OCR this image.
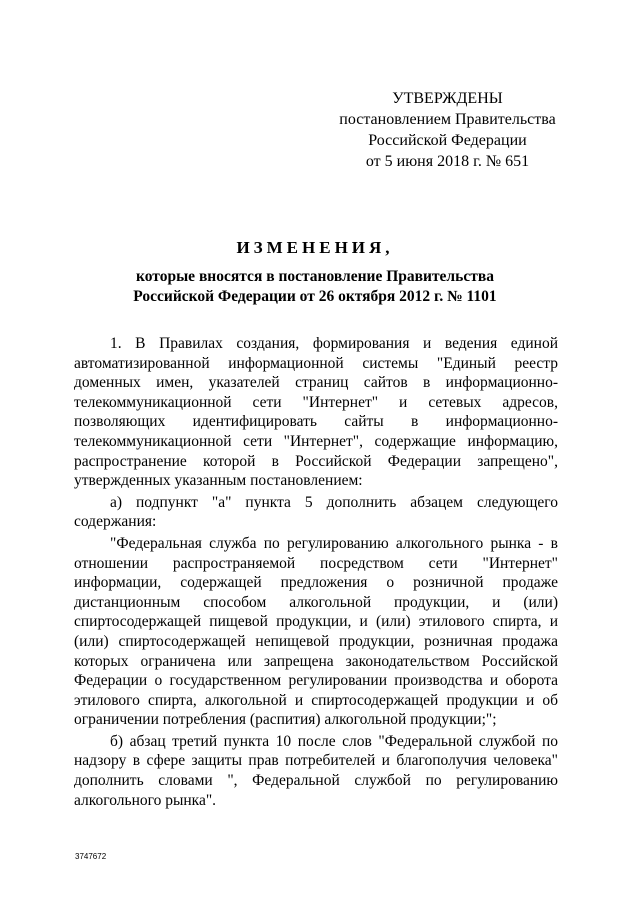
УТВЕРЖДЕНЫ
постановлением Правительства
Российской Федерации
от 5 июня 2018 г. № 651
ИЗМЕНЕНИЯ,
которые вносятся в постановление Правительства
Российской Федерации от 26 октября 2012 г. № 1101

1. В Правилах создания, формирования и ведения единой автоматизированной информационной системы "Единый реестр доменных имен, указателей страниц сайтов в информационно-телекоммуникационной сети "Интернет" и сетевых адресов, позволяющих идентифицировать сайты в информационно-телекоммуникационной сети "Интернет", содержащие информацию, распространение которой в Российской Федерации запрещено", утвержденных указанным постановлением:

а) подпункт "а" пункта 5 дополнить абзацем следующего содержания:

"Федеральная служба по регулированию алкогольного рынка - в отношении распространяемой посредством сети "Интернет" информации, содержащей предложения о розничной продаже дистанционным способом алкогольной продукции, и (или) спиртосодержащей пищевой продукции, и (или) этилового спирта, и (или) спиртосодержащей непищевой продукции, розничная продажа которых ограничена или запрещена законодательством Российской Федерации о государственном регулировании производства и оборота этилового спирта, алкогольной и спиртосодержащей продукции и об ограничении потребления (распития) алкогольной продукции;";

б) абзац третий пункта 10 после слов "Федеральной службой по надзору в сфере защиты прав потребителей и благополучия человека" дополнить словами ", Федеральной службой по регулированию алкогольного рынка".

3747672
